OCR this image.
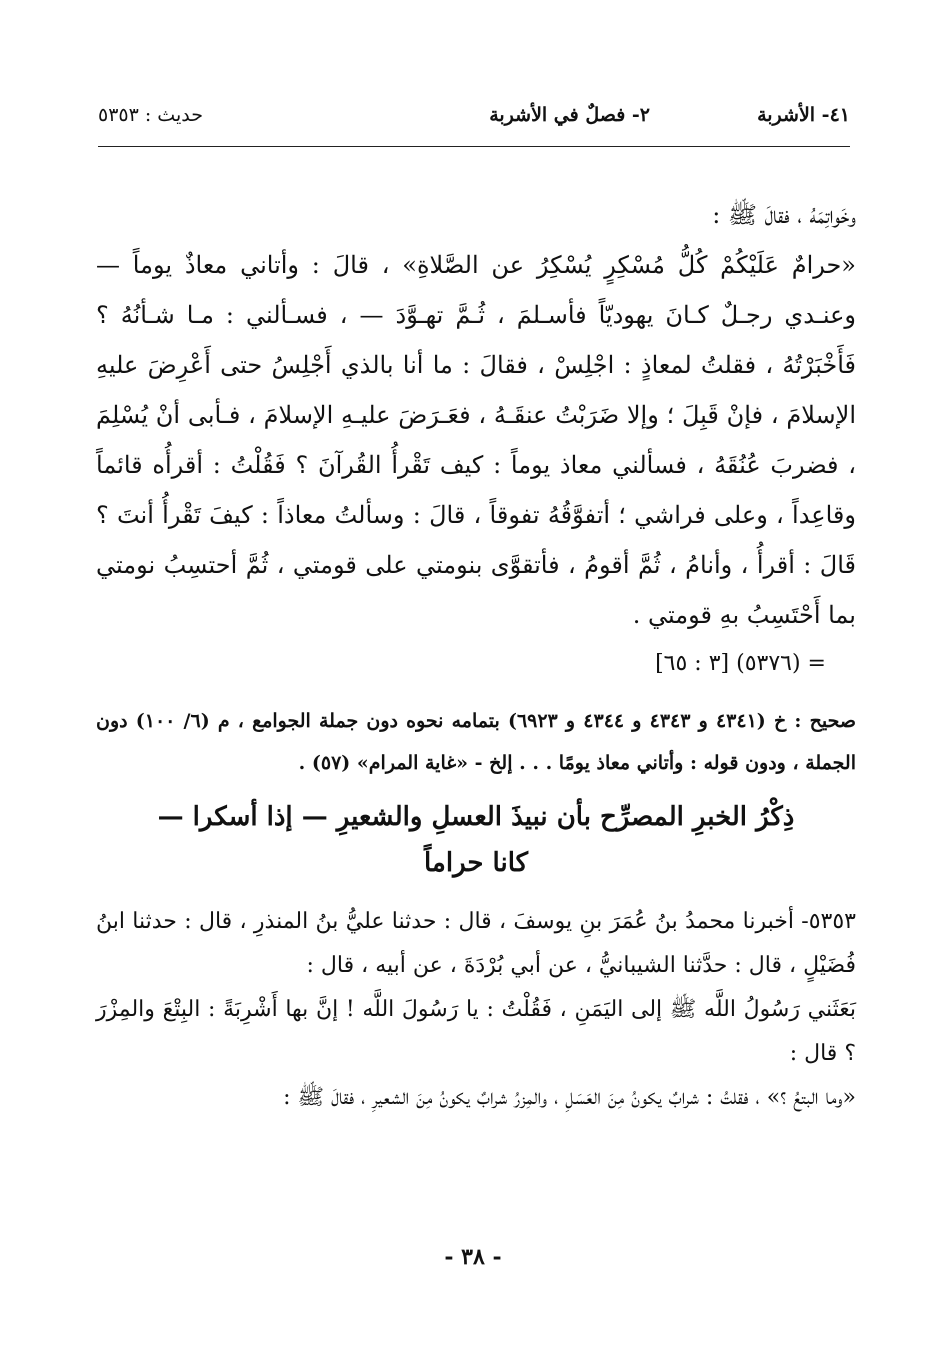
٤١- الأشربة
٢- فصلٌ في الأشربة
حديث : ٥٣٥٣

وخَواتِمَهُ ، فقالَ ﷺ :

«حرامٌ عَلَيْكُمْ كُلُّ مُسْكِرٍ يُسْكِرُ عن الصَّلاةِ» ، قالَ : وأتاني معاذٌ يوماً — وعنـدي رجـلٌ كـانَ يهوديّاً فأسـلمَ ، ثُـمَّ تهـوَّدَ — ، فسـألني : مـا شـأنُهُ ؟ فَأَخْبَرْتُهُ ، فقلتُ لمعاذٍ : اجْلِسْ ، فقالَ : ما أنا بالذي أَجْلِسُ حتى أَعْرِضَ عليهِ الإسلامَ ، فإنْ قَبِلَ ؛ وإلا ضَرَبْتُ عنقَـهُ ، فعَـرَضَ عليـهِ الإسلامَ ، فـأبى أنْ يُسْلِمَ ، فضربَ عُنُقَهُ ، فسألني معاذ يوماً : كيف تَقْرأُ القُرآنَ ؟ فَقُلْتُ : أقرأُه قائماً وقاعِداً ، وعلى فراشي ؛ أتفوَّقُهُ تفوقاً ، قالَ : وسألتُ معاذاً : كيفَ تَقْرأُ أنتَ ؟ قَالَ : أقرأُ ، وأنامُ ، ثُمَّ أقومُ ، فأتقوَّى بنومتي على قومتي ، ثُمَّ أحتسِبُ نومتي بما أَحْتَسِبُ بهِ قومتي .

= (٥٣٧٦) [٣ : ٦٥]

صحيح : خ (٤٣٤١ و ٤٣٤٣ و ٤٣٤٤ و ٦٩٢٣) بتمامه نحوه دون جملة الجوامع ، م (٦/ ١٠٠) دون الجملة ، ودون قوله : وأتاني معاذ يومًا . . . إلخ - «غاية المرام» (٥٧) .

ذِكْرُ الخبرِ المصرِّح بأن نبيذَ العسلِ والشعيرِ — إذا أسكرا — كانا حراماً

٥٣٥٣- أخبرنا محمدُ بنُ عُمَرَ بنِ يوسفَ ، قال : حدثنا عليُّ بنُ المنذرِ ، قال : حدثنا ابنُ فُضَيْلٍ ، قال : حدَّثنا الشيبانيُّ ، عن أبي بُرْدَةَ ، عن أبيه ، قال :

بَعَثَني رَسُولُ اللَّه ﷺ إلى اليَمَنِ ، فَقُلْتُ : يا رَسُولَ اللَّه ! إنَّ بها أَشْرِبَةً : البِتْعَ والمِزْرَ ؟ قال :

«وما البتعُ ؟» ، فقلتُ : شرابٌ يكونُ مِنَ العَسَلِ ، والمِزرُ شرابٌ يكونُ مِنَ الشعيرِ ، فقالَ ﷺ :

- ٣٨ -
